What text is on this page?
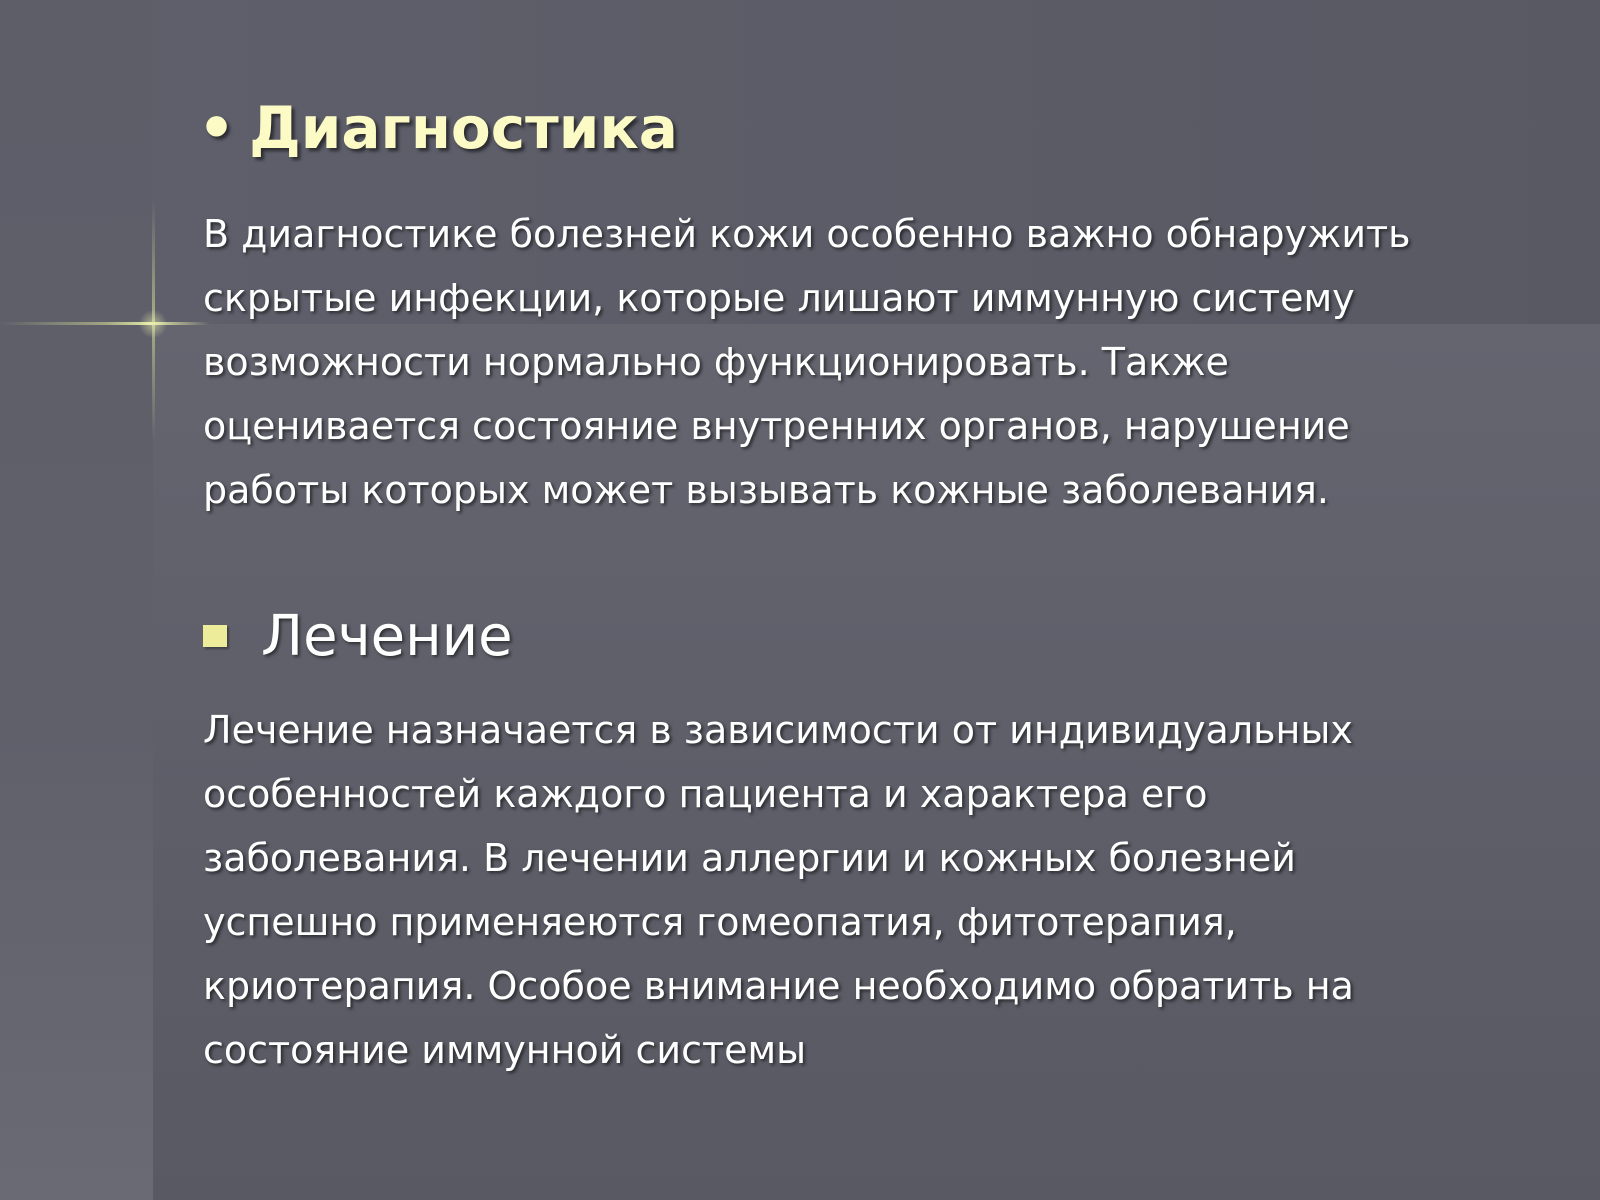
• Диагностика

В диагностике болезней кожи особенно важно обнаружить
скрытые инфекции, которые лишают иммунную систему
возможности нормально функционировать. Также
оценивается состояние внутренних органов, нарушение
работы которых может вызывать кожные заболевания.

Лечение

Лечение назначается в зависимости от индивидуальных
особенностей каждого пациента и характера его
заболевания. В лечении аллергии и кожных болезней
успешно применяеются гомеопатия, фитотерапия,
криотерапия. Особое внимание необходимо обратить на
состояние иммунной системы
